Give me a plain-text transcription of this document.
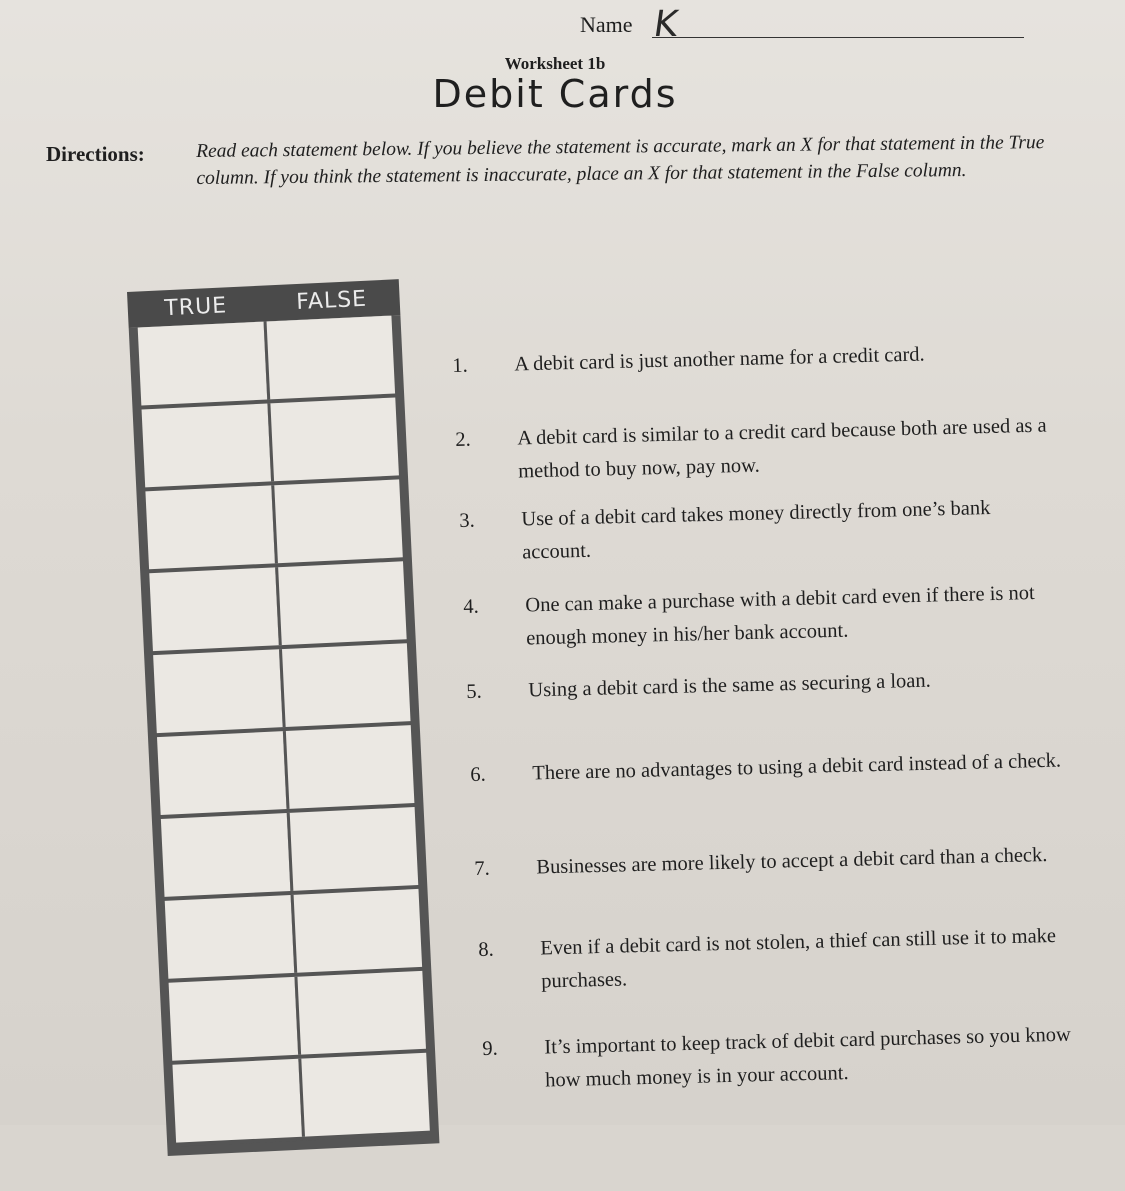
Name K
Worksheet 1b
Debit Cards
Directions:	Read each statement below. If you believe the statement is accurate, mark an X for that statement in the True column. If you think the statement is inaccurate, place an X for that statement in the False column.
TRUE	FALSE
1.	A debit card is just another name for a credit card.
2.	A debit card is similar to a credit card because both are used as a method to buy now, pay now.
3.	Use of a debit card takes money directly from one’s bank account.
4.	One can make a purchase with a debit card even if there is not enough money in his/her bank account.
5.	Using a debit card is the same as securing a loan.
6.	There are no advantages to using a debit card instead of a check.
7.	Businesses are more likely to accept a debit card than a check.
8.	Even if a debit card is not stolen, a thief can still use it to make purchases.
9.	It’s important to keep track of debit card purchases so you know how much money is in your account.
